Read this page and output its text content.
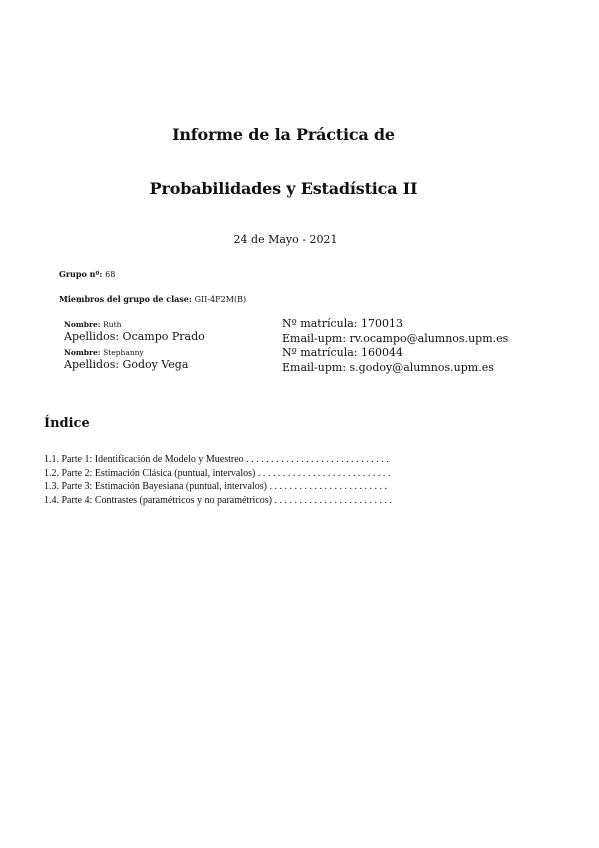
Informe de la Práctica de
Probabilidades y Estadística II
24 de Mayo - 2021
Grupo nº: 68
Miembros del grupo de clase: GII-4F2M(B)
Nombre: Ruth
Apellidos: Ocampo Prado
Nº matrícula: 170013
Email-upm: rv.ocampo@alumnos.upm.es
Nombre: Stephanny
Apellidos: Godoy Vega
Nº matrícula: 160044
Email-upm: s.godoy@alumnos.upm.es
Índice
1.1. Parte 1: Identificación de Modelo y Muestreo . . . . . . . . . . . . . . . . . . . . . . . . . . . . .
1.2. Parte 2: Estimación Clásica (puntual, intervalos) . . . . . . . . . . . . . . . . . . . . . . . . . . .
1.3. Parte 3: Estimación Bayesiana (puntual, intervalos) . . . . . . . . . . . . . . . . . . . . . . . .
1.4. Parte 4: Contrastes (paramétricos y no paramétricos) . . . . . . . . . . . . . . . . . . . . . . . .
